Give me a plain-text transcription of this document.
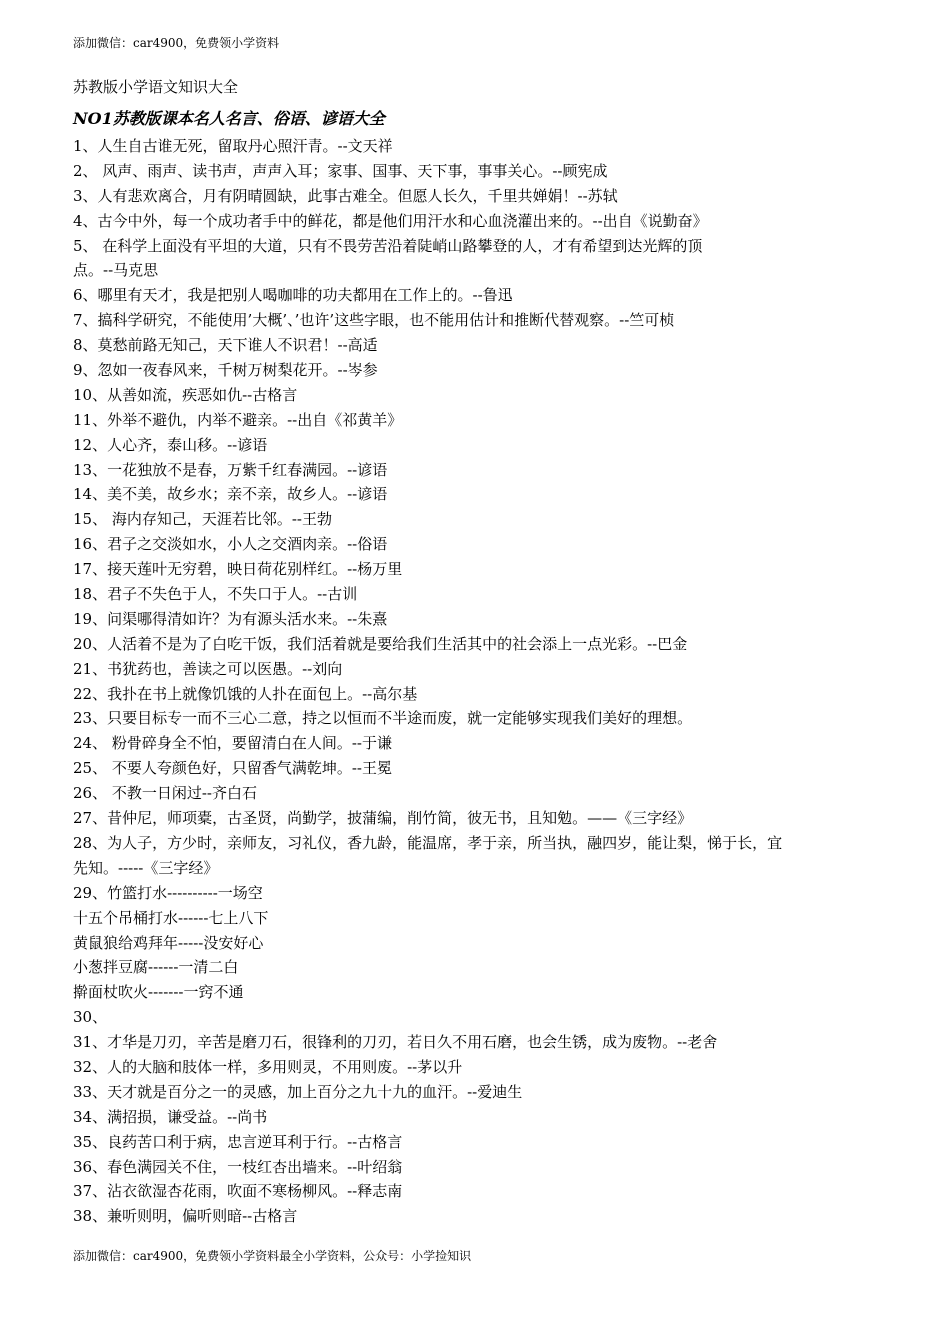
添加微信：car4900，免费领小学资料
苏教版小学语文知识大全
NO1苏教版课本名人名言、俗语、谚语大全
1、人生自古谁无死，留取丹心照汗青。--文天祥
2、 风声、雨声、读书声，声声入耳；家事、国事、天下事，事事关心。--顾宪成
3、人有悲欢离合，月有阴晴圆缺，此事古难全。但愿人长久，千里共婵娟！--苏轼
4、古今中外，每一个成功者手中的鲜花，都是他们用汗水和心血浇灌出来的。--出自《说勤奋》
5、 在科学上面没有平坦的大道，只有不畏劳苦沿着陡峭山路攀登的人，才有希望到达光辉的顶
点。--马克思
6、哪里有天才，我是把别人喝咖啡的功夫都用在工作上的。--鲁迅
7、搞科学研究，不能使用’大概’、’也许’这些字眼，也不能用估计和推断代替观察。--竺可桢
8、莫愁前路无知己，天下谁人不识君！--高适
9、忽如一夜春风来，千树万树梨花开。--岑参
10、从善如流，疾恶如仇--古格言
11、外举不避仇，内举不避亲。--出自《祁黄羊》
12、人心齐，泰山移。--谚语
13、一花独放不是春，万紫千红春满园。--谚语
14、美不美，故乡水；亲不亲，故乡人。--谚语
15、 海内存知己，天涯若比邻。--王勃
16、君子之交淡如水，小人之交酒肉亲。--俗语
17、接天莲叶无穷碧，映日荷花别样红。--杨万里
18、君子不失色于人，不失口于人。--古训
19、问渠哪得清如许？为有源头活水来。--朱熹
20、人活着不是为了白吃干饭，我们活着就是要给我们生活其中的社会添上一点光彩。--巴金
21、书犹药也，善读之可以医愚。--刘向
22、我扑在书上就像饥饿的人扑在面包上。--高尔基
23、只要目标专一而不三心二意，持之以恒而不半途而废，就一定能够实现我们美好的理想。
24、 粉骨碎身全不怕，要留清白在人间。--于谦
25、 不要人夸颜色好，只留香气满乾坤。--王冕
26、 不教一日闲过--齐白石
27、昔仲尼，师项橐，古圣贤，尚勤学，披蒲编，削竹简，彼无书，且知勉。——《三字经》
28、为人子，方少时，亲师友，习礼仪，香九龄，能温席，孝于亲，所当执，融四岁，能让梨，悌于长，宜
先知。-----《三字经》
29、竹篮打水----------一场空
十五个吊桶打水------七上八下
黄鼠狼给鸡拜年-----没安好心
小葱拌豆腐------一清二白
擀面杖吹火-------一窍不通
30、
31、才华是刀刃，辛苦是磨刀石，很锋利的刀刃，若日久不用石磨，也会生锈，成为废物。--老舍
32、人的大脑和肢体一样，多用则灵，不用则废。--茅以升
33、天才就是百分之一的灵感，加上百分之九十九的血汗。--爱迪生
34、满招损，谦受益。--尚书
35、良药苦口利于病，忠言逆耳利于行。--古格言
36、春色满园关不住，一枝红杏出墙来。--叶绍翁
37、沾衣欲湿杏花雨，吹面不寒杨柳风。--释志南
38、兼听则明，偏听则暗--古格言
添加微信：car4900，免费领小学资料最全小学资料，公众号：小学捡知识
